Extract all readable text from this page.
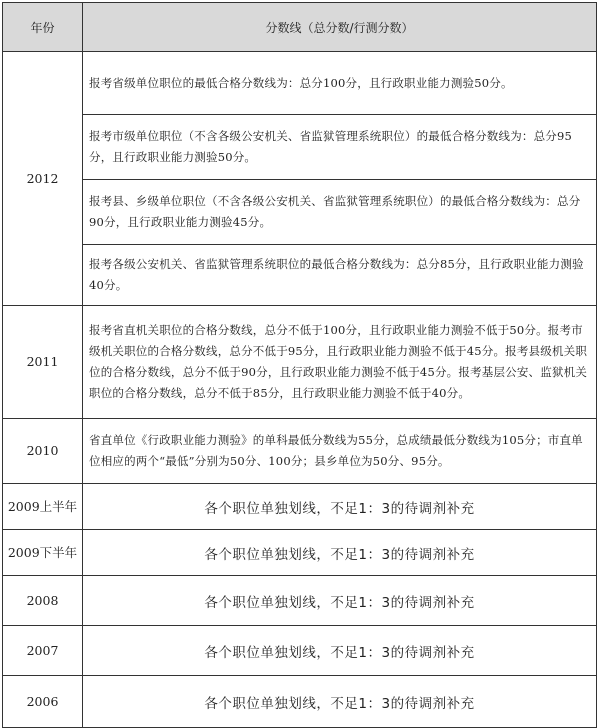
年份	分数线（总分数/行测分数）
2012	报考省级单位职位的最低合格分数线为：总分100分，且行政职业能力测验50分。
	报考市级单位职位（不含各级公安机关、省监狱管理系统职位）的最低合格分数线为：总分95分，且行政职业能力测验50分。
	报考县、乡级单位职位（不含各级公安机关、省监狱管理系统职位）的最低合格分数线为：总分90分，且行政职业能力测验45分。
	报考各级公安机关、省监狱管理系统职位的最低合格分数线为：总分85分，且行政职业能力测验40分。
2011	报考省直机关职位的合格分数线，总分不低于100分，且行政职业能力测验不低于50分。报考市级机关职位的合格分数线，总分不低于95分，且行政职业能力测验不低于45分。报考县级机关职位的合格分数线，总分不低于90分，且行政职业能力测验不低于45分。报考基层公安、监狱机关职位的合格分数线，总分不低于85分，且行政职业能力测验不低于40分。
2010	省直单位《行政职业能力测验》的单科最低分数线为55分，总成绩最低分数线为105分；市直单位相应的两个“最低”分别为50分、100分；县乡单位为50分、95分。
2009上半年	各个职位单独划线，不足1：3的待调剂补充
2009下半年	各个职位单独划线，不足1：3的待调剂补充
2008	各个职位单独划线，不足1：3的待调剂补充
2007	各个职位单独划线，不足1：3的待调剂补充
2006	各个职位单独划线，不足1：3的待调剂补充
